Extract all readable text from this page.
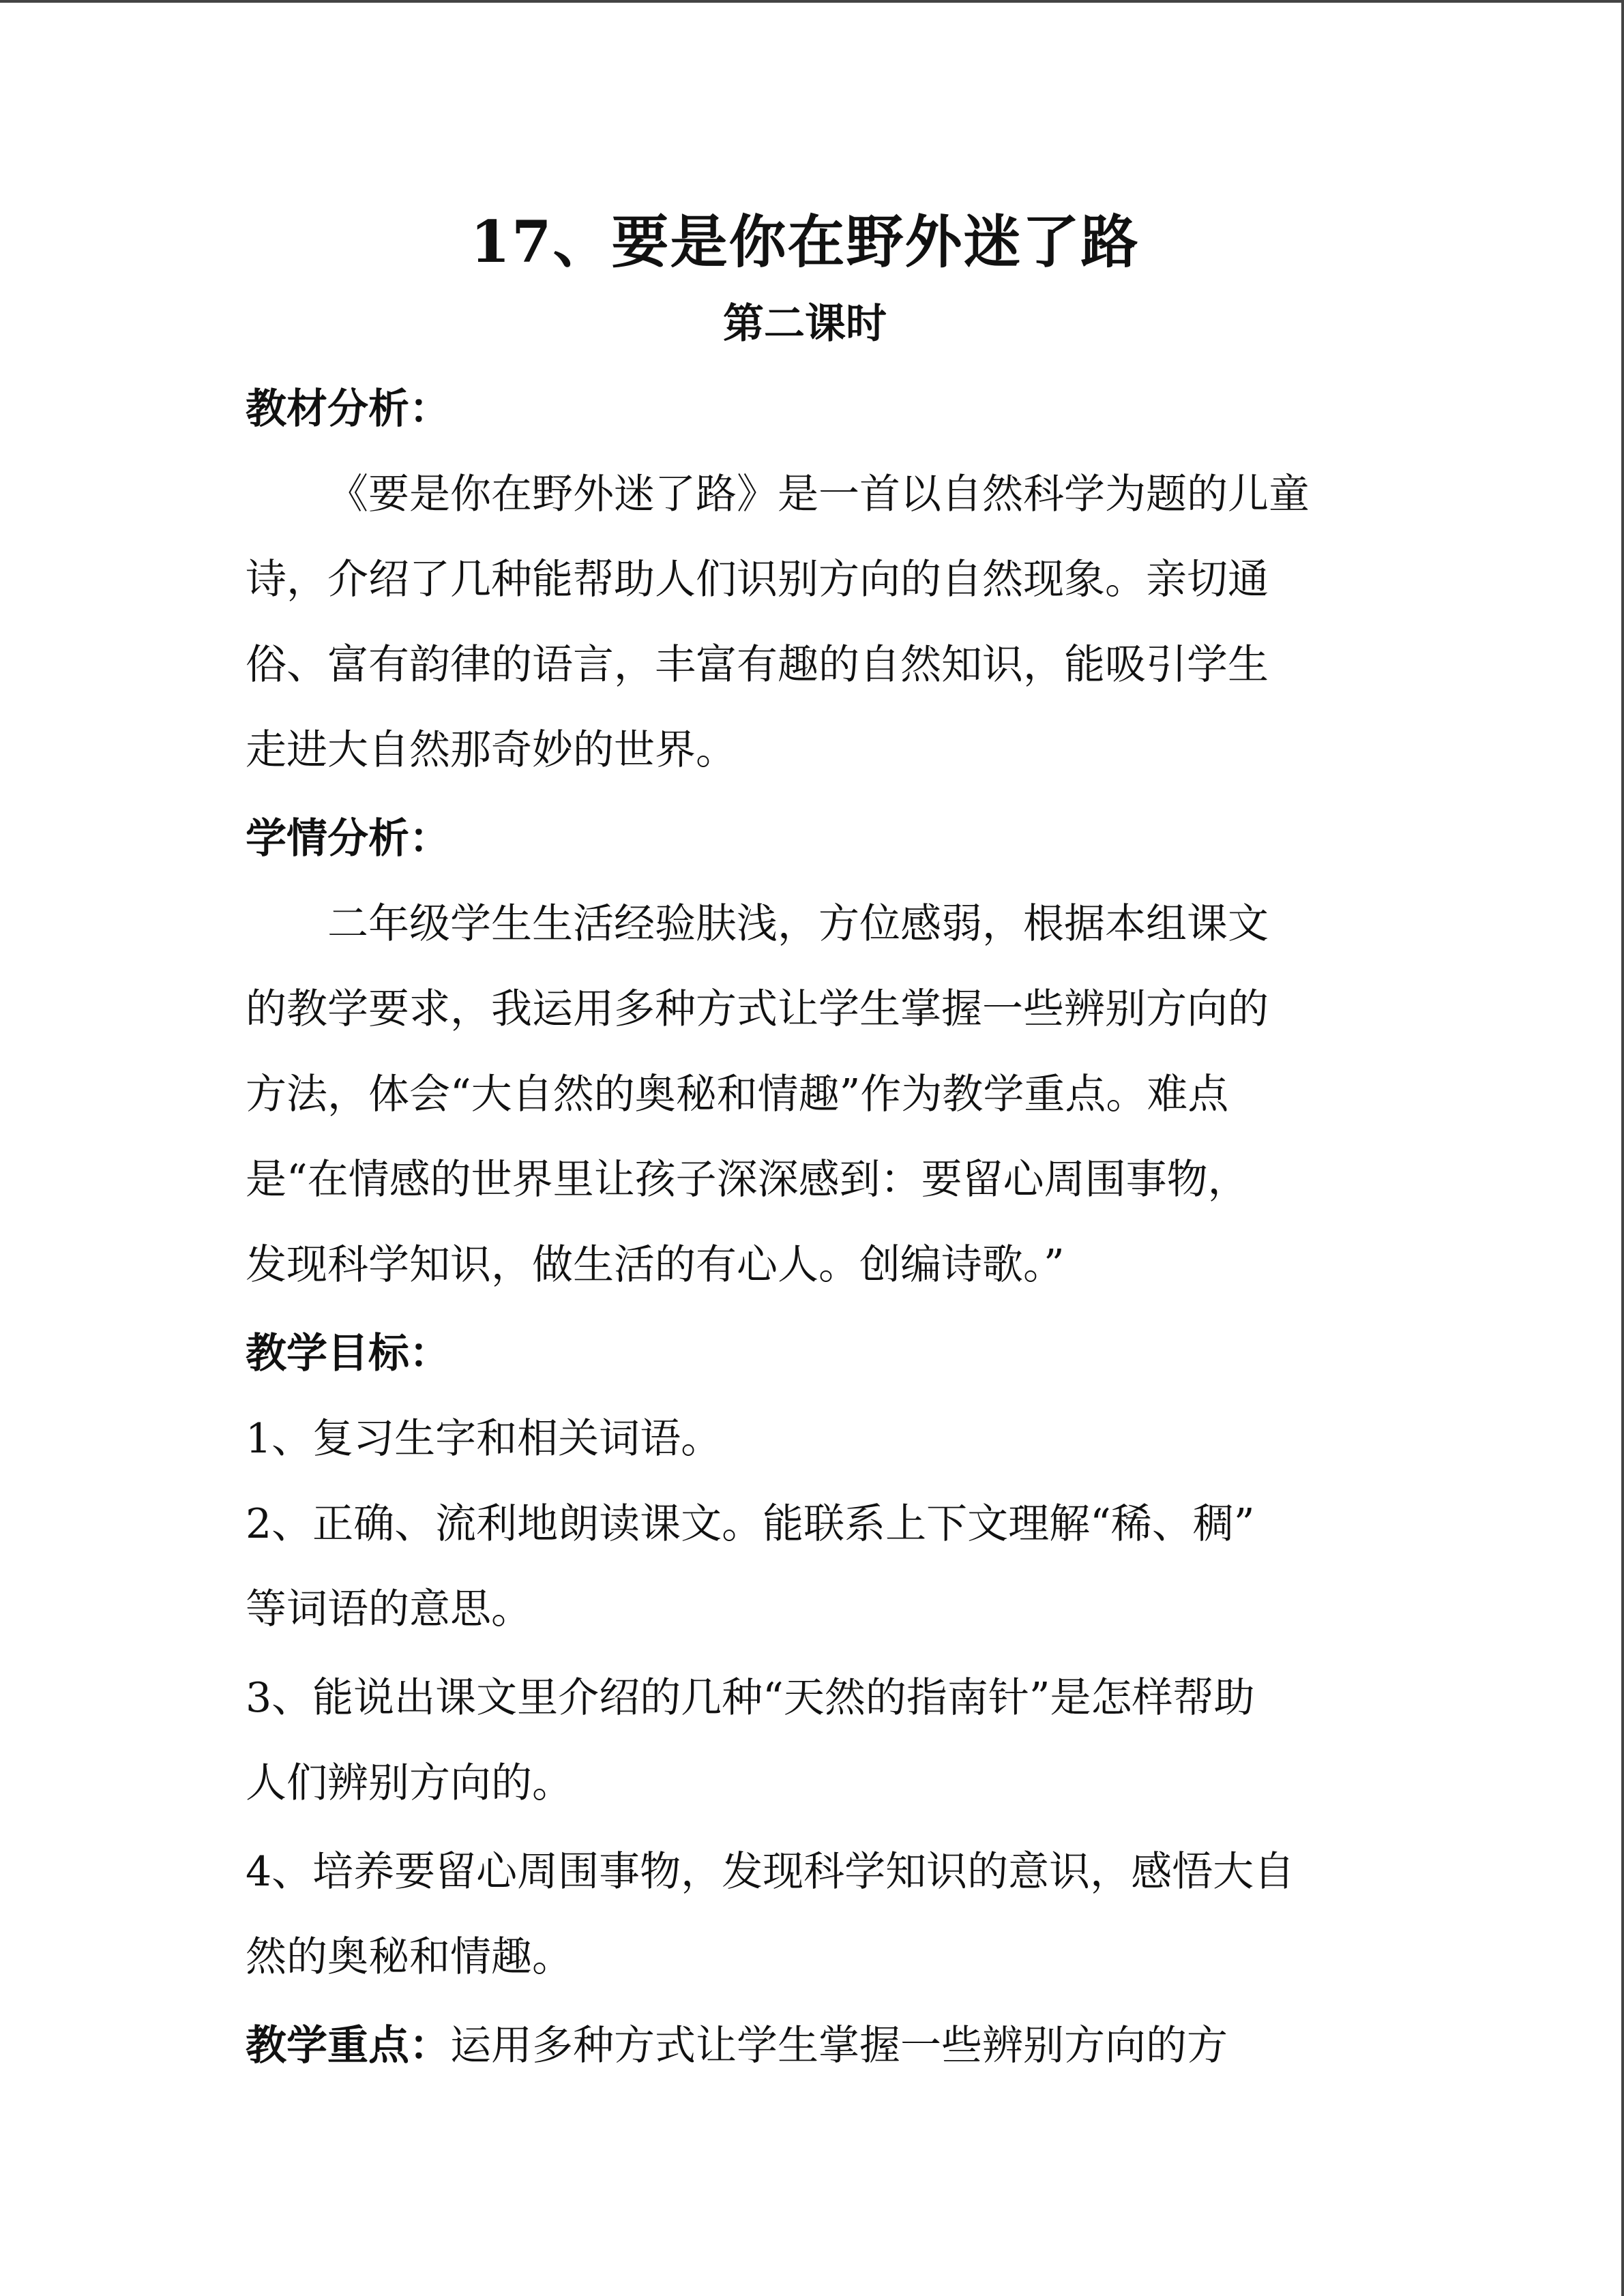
17、要是你在野外迷了路
第二课时
教材分析：
《要是你在野外迷了路》是一首以自然科学为题的儿童
诗，介绍了几种能帮助人们识别方向的自然现象。亲切通
俗、富有韵律的语言，丰富有趣的自然知识，能吸引学生
走进大自然那奇妙的世界。
学情分析：
二年级学生生活经验肤浅，方位感弱，根据本组课文
的教学要求，我运用多种方式让学生掌握一些辨别方向的
方法，体会“大自然的奥秘和情趣”作为教学重点。难点
是“在情感的世界里让孩子深深感到：要留心周围事物，
发现科学知识，做生活的有心人。创编诗歌。”
教学目标：
1、复习生字和相关词语。
2、正确、流利地朗读课文。能联系上下文理解“稀、稠”
等词语的意思。
3、能说出课文里介绍的几种“天然的指南针”是怎样帮助
人们辨别方向的。
4、培养要留心周围事物，发现科学知识的意识，感悟大自
然的奥秘和情趣。
教学重点：运用多种方式让学生掌握一些辨别方向的方
